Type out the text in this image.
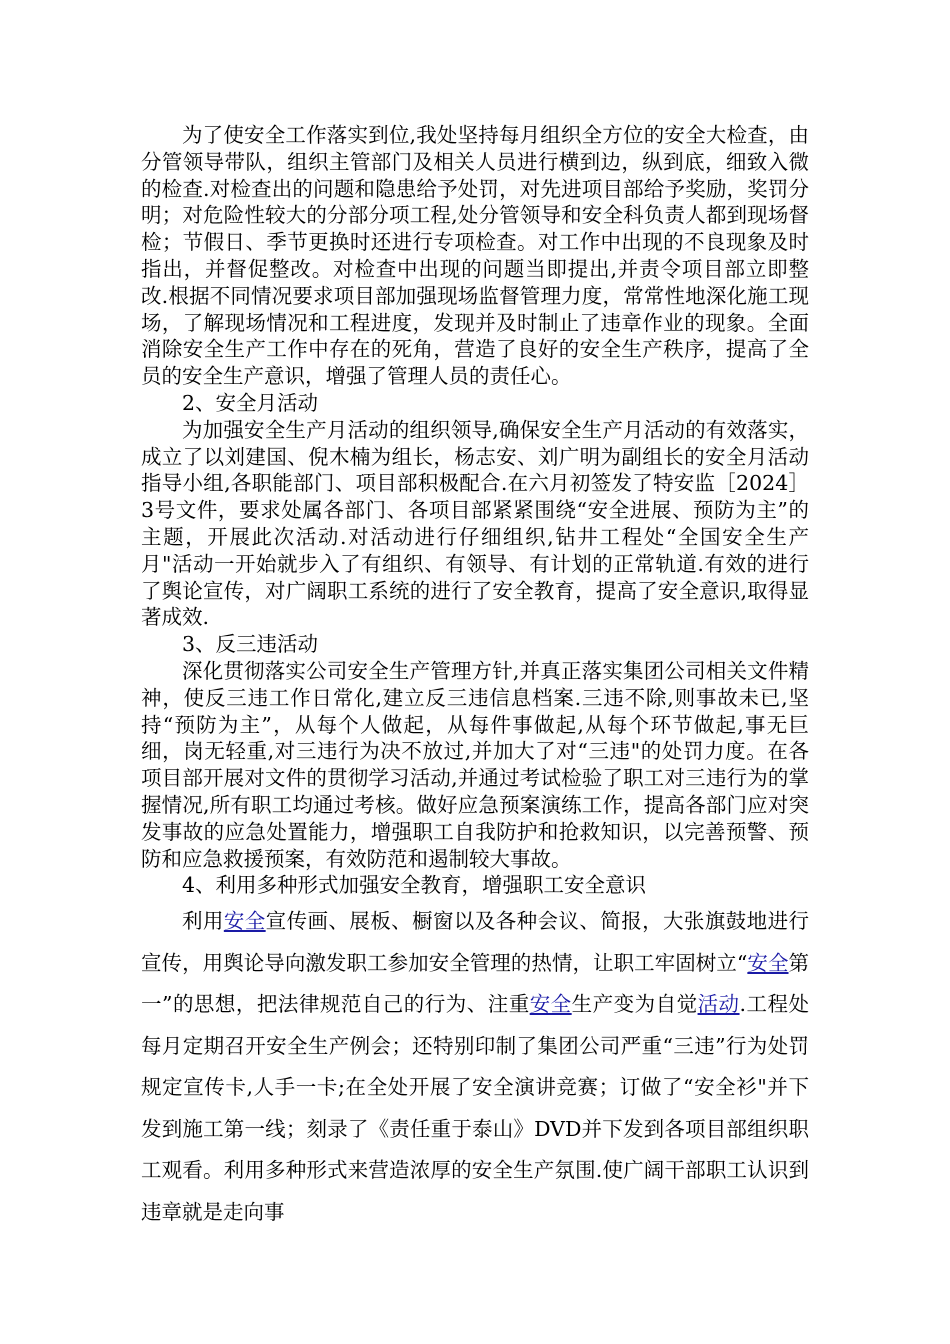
为了使安全工作落实到位,我处坚持每月组织全方位的安全大检查，由分管领导带队，组织主管部门及相关人员进行横到边，纵到底，细致入微的检查.对检查出的问题和隐患给予处罚，对先进项目部给予奖励，奖罚分明；对危险性较大的分部分项工程,处分管领导和安全科负责人都到现场督检；节假日、季节更换时还进行专项检查。对工作中出现的不良现象及时指出，并督促整改。对检查中出现的问题当即提出,并责令项目部立即整改.根据不同情况要求项目部加强现场监督管理力度，常常性地深化施工现场，了解现场情况和工程进度，发现并及时制止了违章作业的现象。全面消除安全生产工作中存在的死角，营造了良好的安全生产秩序，提高了全员的安全生产意识，增强了管理人员的责任心。

2、安全月活动

为加强安全生产月活动的组织领导,确保安全生产月活动的有效落实，成立了以刘建国、倪木楠为组长，杨志安、刘广明为副组长的安全月活动指导小组,各职能部门、项目部积极配合.在六月初签发了特安监［2024］3号文件，要求处属各部门、各项目部紧紧围绕“安全进展、预防为主”的主题，开展此次活动.对活动进行仔细组织,钻井工程处“全国安全生产月"活动一开始就步入了有组织、有领导、有计划的正常轨道.有效的进行了舆论宣传，对广阔职工系统的进行了安全教育，提高了安全意识,取得显著成效.

3、反三违活动

深化贯彻落实公司安全生产管理方针,并真正落实集团公司相关文件精神，使反三违工作日常化,建立反三违信息档案.三违不除,则事故未已,坚持“预防为主”，从每个人做起，从每件事做起,从每个环节做起,事无巨细，岗无轻重,对三违行为决不放过,并加大了对“三违"的处罚力度。在各项目部开展对文件的贯彻学习活动,并通过考试检验了职工对三违行为的掌握情况,所有职工均通过考核。做好应急预案演练工作，提高各部门应对突发事故的应急处置能力，增强职工自我防护和抢救知识，以完善预警、预防和应急救援预案，有效防范和遏制较大事故。

4、利用多种形式加强安全教育，增强职工安全意识

利用安全宣传画、展板、橱窗以及各种会议、简报，大张旗鼓地进行宣传，用舆论导向激发职工参加安全管理的热情，让职工牢固树立“安全第一”的思想，把法律规范自己的行为、注重安全生产变为自觉活动.工程处每月定期召开安全生产例会；还特别印制了集团公司严重“三违”行为处罚规定宣传卡,人手一卡;在全处开展了安全演讲竞赛；订做了“安全衫"并下发到施工第一线；刻录了《责任重于泰山》DVD并下发到各项目部组织职工观看。利用多种形式来营造浓厚的安全生产氛围.使广阔干部职工认识到违章就是走向事
